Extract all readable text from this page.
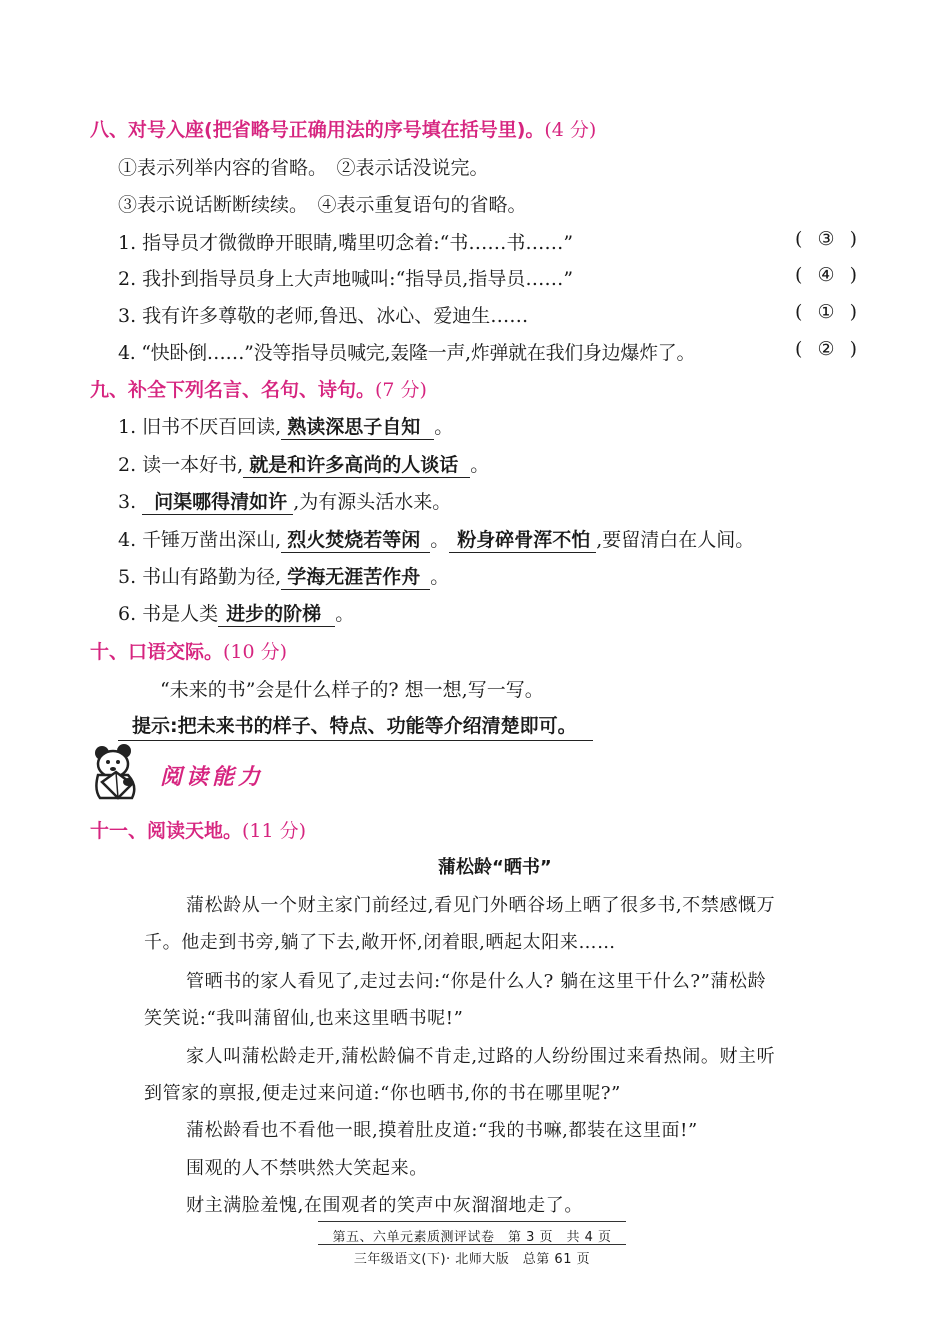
八、对号入座(把省略号正确用法的序号填在括号里)。(4 分)
①表示列举内容的省略。　②表示话没说完。
③表示说话断断续续。　④表示重复语句的省略。
1. 指导员才微微睁开眼睛,嘴里叨念着:“书……书……”	( ③ )
2. 我扑到指导员身上大声地喊叫:“指导员,指导员……”	( ④ )
3. 我有许多尊敬的老师,鲁迅、冰心、爱迪生……	( ① )
4. “快卧倒……”没等指导员喊完,轰隆一声,炸弹就在我们身边爆炸了。	( ② )
九、补全下列名言、名句、诗句。(7 分)
1. 旧书不厌百回读, 熟读深思子自知 。
2. 读一本好书, 就是和许多高尚的人谈话 。
3. 问渠哪得清如许 ,为有源头活水来。
4. 千锤万凿出深山, 烈火焚烧若等闲 。 粉身碎骨浑不怕 ,要留清白在人间。
5. 书山有路勤为径, 学海无涯苦作舟 。
6. 书是人类 进步的阶梯 。
十、口语交际。(10 分)
“未来的书”会是什么样子的? 想一想,写一写。
提示:把未来书的样子、特点、功能等介绍清楚即可。
阅读能力
十一、阅读天地。(11 分)
蒲松龄“晒书”
蒲松龄从一个财主家门前经过,看见门外晒谷场上晒了很多书,不禁感慨万
千。他走到书旁,躺了下去,敞开怀,闭着眼,晒起太阳来……
管晒书的家人看见了,走过去问:“你是什么人? 躺在这里干什么?”蒲松龄
笑笑说:“我叫蒲留仙,也来这里晒书呢!”
家人叫蒲松龄走开,蒲松龄偏不肯走,过路的人纷纷围过来看热闹。财主听
到管家的禀报,便走过来问道:“你也晒书,你的书在哪里呢?”
蒲松龄看也不看他一眼,摸着肚皮道:“我的书嘛,都装在这里面!”
围观的人不禁哄然大笑起来。
财主满脸羞愧,在围观者的笑声中灰溜溜地走了。
第五、六单元素质测评试卷　第 3 页　共 4 页
三年级语文(下)· 北师大版　总第 61 页
